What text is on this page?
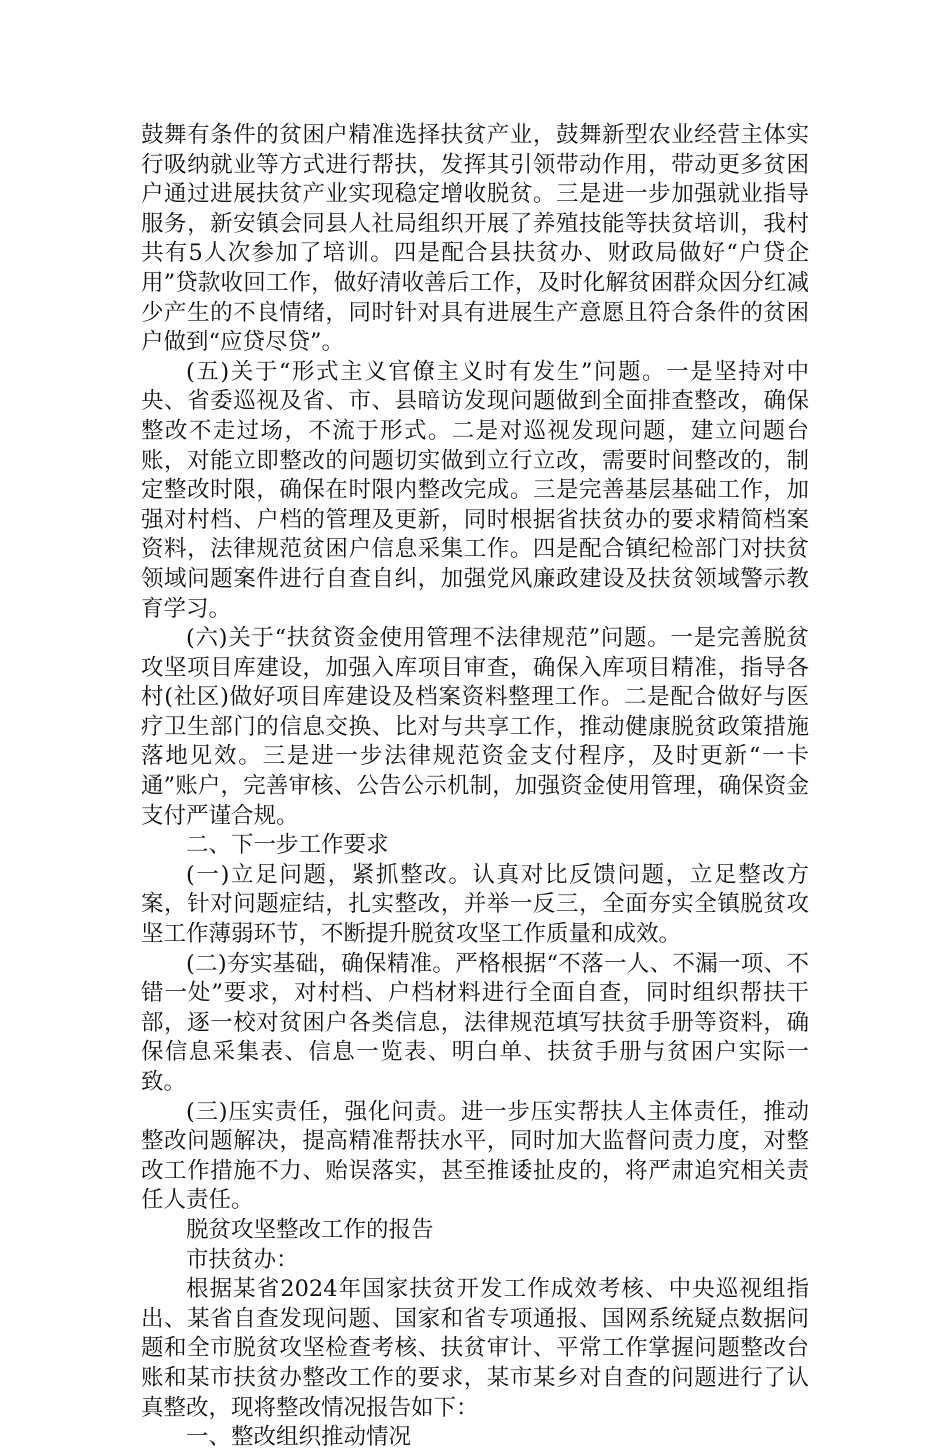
鼓舞有条件的贫困户精准选择扶贫产业，鼓舞新型农业经营主体实行吸纳就业等方式进行帮扶，发挥其引领带动作用，带动更多贫困户通过进展扶贫产业实现稳定增收脱贫。三是进一步加强就业指导服务，新安镇会同县人社局组织开展了养殖技能等扶贫培训，我村共有5人次参加了培训。四是配合县扶贫办、财政局做好“户贷企用”贷款收回工作，做好清收善后工作，及时化解贫困群众因分红减少产生的不良情绪，同时针对具有进展生产意愿且符合条件的贫困户做到“应贷尽贷”。

(五)关于“形式主义官僚主义时有发生”问题。一是坚持对中央、省委巡视及省、市、县暗访发现问题做到全面排查整改，确保整改不走过场，不流于形式。二是对巡视发现问题，建立问题台账，对能立即整改的问题切实做到立行立改，需要时间整改的，制定整改时限，确保在时限内整改完成。三是完善基层基础工作，加强对村档、户档的管理及更新，同时根据省扶贫办的要求精简档案资料，法律规范贫困户信息采集工作。四是配合镇纪检部门对扶贫领域问题案件进行自查自纠，加强党风廉政建设及扶贫领域警示教育学习。

(六)关于“扶贫资金使用管理不法律规范”问题。一是完善脱贫攻坚项目库建设，加强入库项目审查，确保入库项目精准，指导各村(社区)做好项目库建设及档案资料整理工作。二是配合做好与医疗卫生部门的信息交换、比对与共享工作，推动健康脱贫政策措施落地见效。三是进一步法律规范资金支付程序，及时更新“一卡通”账户，完善审核、公告公示机制，加强资金使用管理，确保资金支付严谨合规。

二、下一步工作要求

(一)立足问题，紧抓整改。认真对比反馈问题，立足整改方案，针对问题症结，扎实整改，并举一反三，全面夯实全镇脱贫攻坚工作薄弱环节，不断提升脱贫攻坚工作质量和成效。

(二)夯实基础，确保精准。严格根据“不落一人、不漏一项、不错一处”要求，对村档、户档材料进行全面自查，同时组织帮扶干部，逐一校对贫困户各类信息，法律规范填写扶贫手册等资料，确保信息采集表、信息一览表、明白单、扶贫手册与贫困户实际一致。

(三)压实责任，强化问责。进一步压实帮扶人主体责任，推动整改问题解决，提高精准帮扶水平，同时加大监督问责力度，对整改工作措施不力、贻误落实，甚至推诿扯皮的，将严肃追究相关责任人责任。

脱贫攻坚整改工作的报告

市扶贫办：

根据某省2024年国家扶贫开发工作成效考核、中央巡视组指出、某省自查发现问题、国家和省专项通报、国网系统疑点数据问题和全市脱贫攻坚检查考核、扶贫审计、平常工作掌握问题整改台账和某市扶贫办整改工作的要求，某市某乡对自查的问题进行了认真整改，现将整改情况报告如下：

一、整改组织推动情况
